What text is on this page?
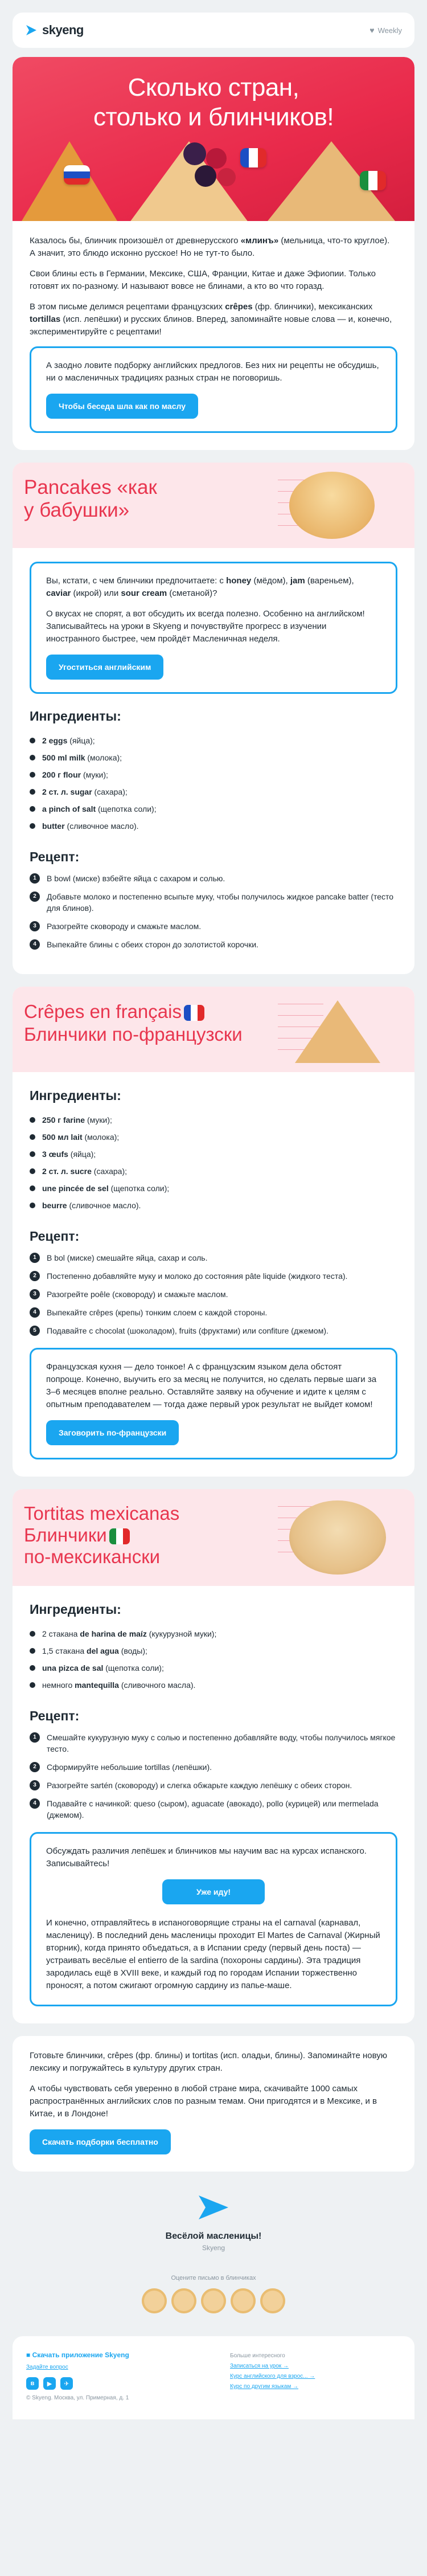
skyeng	♥ Weekly
Сколько стран,
столько и блинчиков!

Казалось бы, блинчик произошёл от древнерусского «млинъ» (мельница, что-то круглое). А значит, это блюдо исконно русское! Но не тут-то было.

Свои блины есть в Германии, Мексике, США, Франции, Китае и даже Эфиопии. Только готовят их по-разному. И называют вовсе не блинами, а кто во что горазд.

В этом письме делимся рецептами французских crêpes (фр. блинчики), мексиканских tortillas (исп. лепёшки) и русских блинов. Вперед, запоминайте новые слова — и, конечно, экспериментируйте с рецептами!

А заодно ловите подборку английских предлогов. Без них ни рецепты не обсудишь, ни о масленичных традициях разных стран не поговоришь.

Чтобы беседа шла как по маслу
Pancakes «как
у бабушки»

Вы, кстати, с чем блинчики предпочитаете: с honey (мёдом), jam (вареньем), caviar (икрой) или sour cream (сметаной)?

О вкусах не спорят, а вот обсудить их всегда полезно. Особенно на английском! Записывайтесь на уроки в Skyeng и почувствуйте прогресс в изучении иностранного быстрее, чем пройдёт Масленичная неделя.

Угоститься английским
Ингредиенты:
2 eggs (яйца);
500 ml milk (молока);
200 г flour (муки);
2 ст. л. sugar (сахара);
a pinch of salt (щепотка соли);
butter (сливочное масло).
Рецепт:
1	В bowl (миске) взбейте яйца с сахаром и солью.
2	Добавьте молоко и постепенно всыпьте муку, чтобы получилось жидкое pancake batter (тесто для блинов).
3	Разогрейте сковороду и смажьте маслом.
4	Выпекайте блины с обеих сторон до золотистой корочки.
Crêpes en français
Блинчики по-французски
Ингредиенты:
250 г farine (муки);
500 мл lait (молока);
3 œufs (яйца);
2 ст. л. sucre (сахара);
une pincée de sel (щепотка соли);
beurre (сливочное масло).
Рецепт:
1	В bol (миске) смешайте яйца, сахар и соль.
2	Постепенно добавляйте муку и молоко до состояния pâte liquide (жидкого теста).
3	Разогрейте poêle (сковороду) и смажьте маслом.
4	Выпекайте crêpes (крепы) тонким слоем с каждой стороны.
5	Подавайте с chocolat (шоколадом), fruits (фруктами) или confiture (джемом).

Французская кухня — дело тонкое! А с французским языком дела обстоят попроще. Конечно, выучить его за месяц не получится, но сделать первые шаги за 3–6 месяцев вполне реально. Оставляйте заявку на обучение и идите к целям с опытным преподавателем — тогда даже первый урок результат не выйдет комом!

Заговорить по-французски
Tortitas mexicanas
Блинчики
по-мексикански
Ингредиенты:
2 стакана de harina de maíz (кукурузной муки);
1,5 стакана del agua (воды);
una pizca de sal (щепотка соли);
немного mantequilla (сливочного масла).
Рецепт:
1	Смешайте кукурузную муку с солью и постепенно добавляйте воду, чтобы получилось мягкое тесто.
2	Сформируйте небольшие tortillas (лепёшки).
3	Разогрейте sartén (сковороду) и слегка обжарьте каждую лепёшку с обеих сторон.
4	Подавайте с начинкой: queso (сыром), aguacate (авокадо), pollo (курицей) или mermelada (джемом).

Обсуждать различия лепёшек и блинчиков мы научим вас на курсах испанского. Записывайтесь!

Уже иду!

И конечно, отправляйтесь в испаноговорящие страны на el carnaval (карнавал, масленицу). В последний день масленицы проходит El Martes de Carnaval (Жирный вторник), когда принято объедаться, а в Испании среду (первый день поста) — устраивать весёлые el entierro de la sardina (похороны сардины). Эта традиция зародилась ещё в XVIII веке, и каждый год по городам Испании торжественно проносят, а потом сжигают огромную сардину из папье-маше.

Готовьте блинчики, crêpes (фр. блины) и tortitas (исп. оладьи, блины). Запоминайте новую лексику и погружайтесь в культуру других стран.

А чтобы чувствовать себя уверенно в любой стране мира, скачивайте 1000 самых распространённых английских слов по разным темам. Они пригодятся и в Мексике, и в Китае, и в Лондоне!

Скачать подборки бесплатно
Весёлой масленицы!
Skyeng
Оцените письмо в блинчиках
■ Скачать приложение Skyeng
Задайте вопрос
в	▶	✈
© Skyeng. Москва, ул. Примерная, д. 1
Больше интересного
Записаться на урок →
Курс английского для взрос... →
Курс по другим языкам →
